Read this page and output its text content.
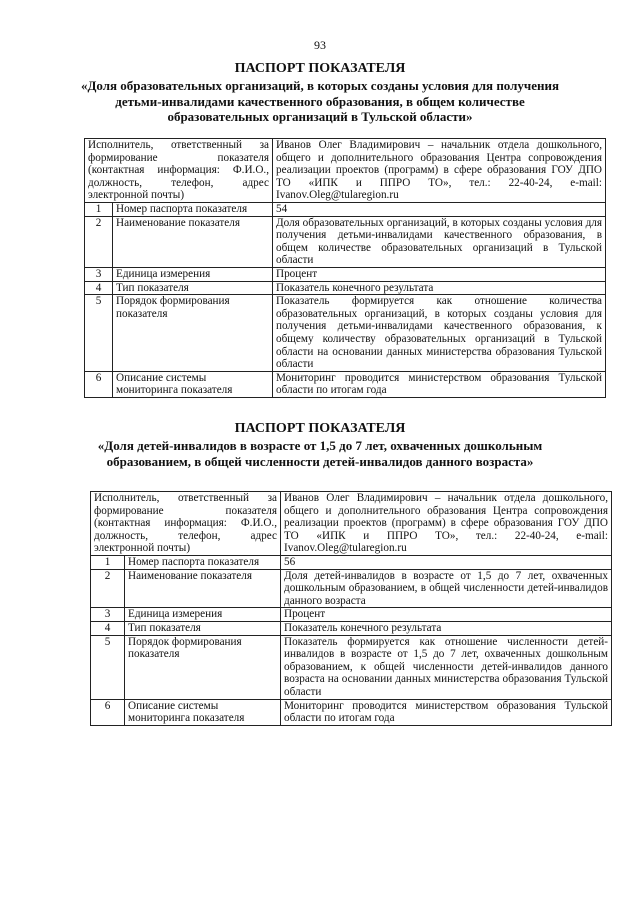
93
ПАСПОРТ ПОКАЗАТЕЛЯ
«Доля образовательных организаций, в которых созданы условия для получения детьми-инвалидами качественного образования, в общем количестве образовательных организаций в Тульской области»
Исполнитель, ответственный за формирование показателя (контактная информация: Ф.И.О., должность, телефон, адрес электронной почты)		Иванов Олег Владимирович – начальник отдела дошкольного, общего и дополнительного образования Центра сопровождения реализации проектов (программ) в сфере образования ГОУ ДПО ТО «ИПК и ППРО ТО», тел.: 22-40-24, e-mail: Ivanov.Oleg@tularegion.ru
1	Номер паспорта показателя	54
2	Наименование показателя	Доля образовательных организаций, в которых созданы условия для получения детьми-инвалидами качественного образования, в общем количестве образовательных организаций в Тульской области
3	Единица измерения	Процент
4	Тип показателя	Показатель конечного результата
5	Порядок формирования показателя	Показатель формируется как отношение количества образовательных организаций, в которых созданы условия для получения детьми-инвалидами качественного образования, к общему количеству образовательных организаций в Тульской области на основании данных министерства образования Тульской области
6	Описание системы мониторинга показателя	Мониторинг проводится министерством образования Тульской области по итогам года
ПАСПОРТ ПОКАЗАТЕЛЯ
«Доля детей-инвалидов в возрасте от 1,5 до 7 лет, охваченных дошкольным образованием, в общей численности детей-инвалидов данного возраста»
Исполнитель, ответственный за формирование показателя (контактная информация: Ф.И.О., должность, телефон, адрес электронной почты)		Иванов Олег Владимирович – начальник отдела дошкольного, общего и дополнительного образования Центра сопровождения реализации проектов (программ) в сфере образования ГОУ ДПО ТО «ИПК и ППРО ТО», тел.: 22-40-24, e-mail: Ivanov.Oleg@tularegion.ru
1	Номер паспорта показателя	56
2	Наименование показателя	Доля детей-инвалидов в возрасте от 1,5 до 7 лет, охваченных дошкольным образованием, в общей численности детей-инвалидов данного возраста
3	Единица измерения	Процент
4	Тип показателя	Показатель конечного результата
5	Порядок формирования показателя	Показатель формируется как отношение численности детей-инвалидов в возрасте от 1,5 до 7 лет, охваченных дошкольным образованием, к общей численности детей-инвалидов данного возраста на основании данных министерства образования Тульской области
6	Описание системы мониторинга показателя	Мониторинг проводится министерством образования Тульской области по итогам года
